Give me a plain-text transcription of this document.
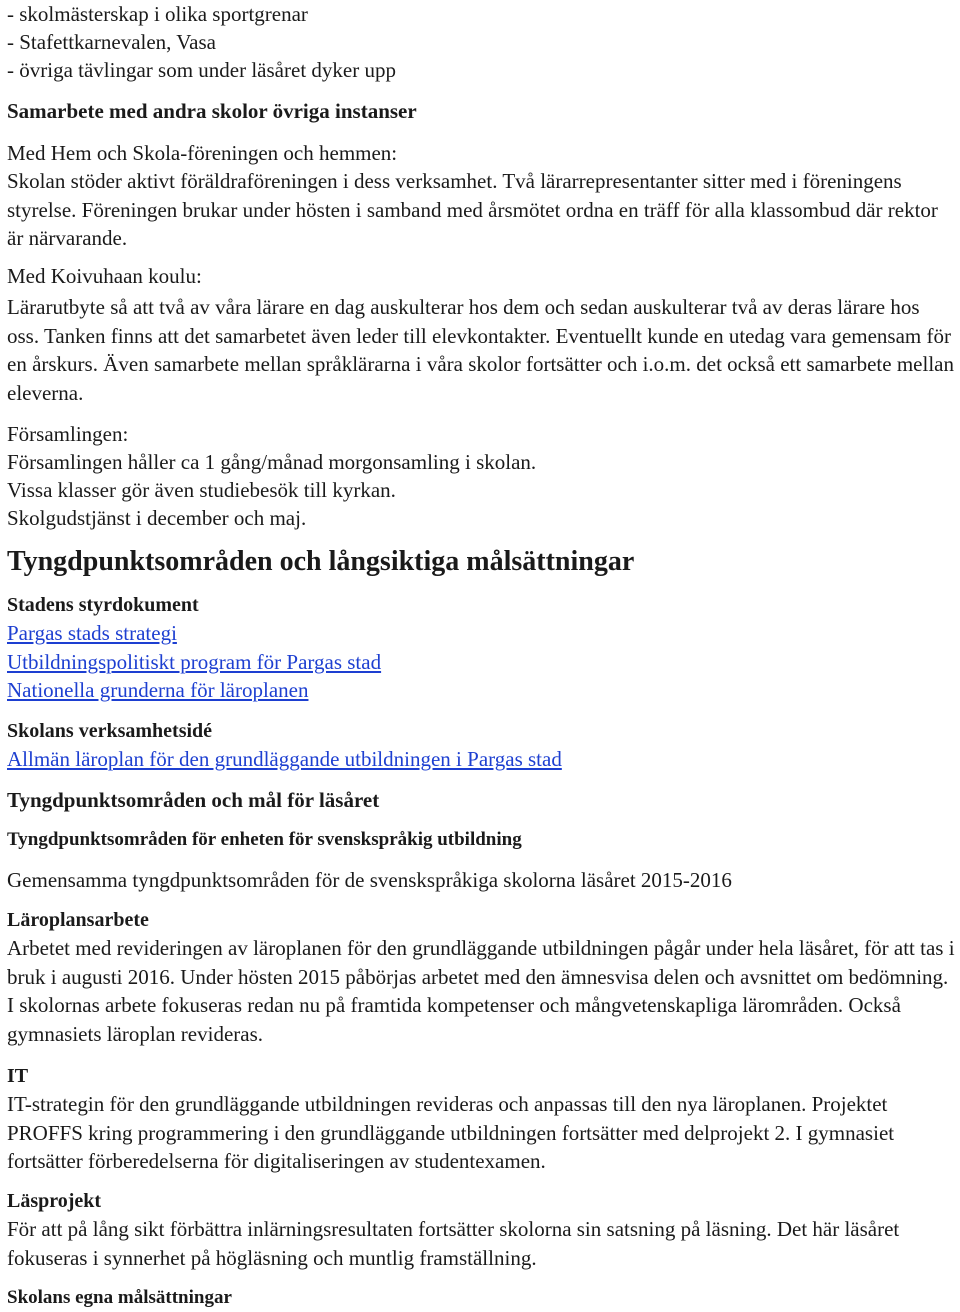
- skolmästerskap i olika sportgrenar
- Stafettkarnevalen, Vasa
- övriga tävlingar som under läsåret dyker upp
Samarbete med andra skolor övriga instanser
Med Hem och Skola-föreningen och hemmen:

Skolan stöder aktivt föräldraföreningen i dess verksamhet. Två lärarrepresentanter sitter med i föreningens styrelse. Föreningen brukar under hösten i samband med årsmötet ordna en träff för alla klassombud där rektor är närvarande.

Med Koivuhaan koulu:

Lärarutbyte så att två av våra lärare en dag auskulterar hos dem och sedan auskulterar två av deras lärare hos oss. Tanken finns att det samarbetet även leder till elevkontakter. Eventuellt kunde en utedag vara gemensam för en årskurs. Även samarbete mellan språklärarna i våra skolor fortsätter och i.o.m. det också ett samarbete mellan eleverna.

Församlingen:
Församlingen håller ca 1 gång/månad morgonsamling i skolan.
Vissa klasser gör även studiebesök till kyrkan.
Skolgudstjänst i december och maj.
Tyngdpunktsområden och långsiktiga målsättningar
Stadens styrdokument
Pargas stads strategi
Utbildningspolitiskt program för Pargas stad
Nationella grunderna för läroplanen
Skolans verksamhetsidé
Allmän läroplan för den grundläggande utbildningen i Pargas stad
Tyngdpunktsområden och mål för läsåret
Tyngdpunktsområden för enheten för svenskspråkig utbildning
Gemensamma tyngdpunktsområden för de svenskspråkiga skolorna läsåret 2015-2016
Läroplansarbete

Arbetet med revideringen av läroplanen för den grundläggande utbildningen pågår under hela läsåret, för att tas i bruk i augusti 2016. Under hösten 2015 påbörjas arbetet med den ämnesvisa delen och avsnittet om bedömning. I skolornas arbete fokuseras redan nu på framtida kompetenser och mångvetenskapliga lärområden. Också gymnasiets läroplan revideras.

IT

IT-strategin för den grundläggande utbildningen revideras och anpassas till den nya läroplanen. Projektet PROFFS kring programmering i den grundläggande utbildningen fortsätter med delprojekt 2. I gymnasiet fortsätter förberedelserna för digitaliseringen av studentexamen.

Läsprojekt

För att på lång sikt förbättra inlärningsresultaten fortsätter skolorna sin satsning på läsning. Det här läsåret fokuseras i synnerhet på högläsning och muntlig framställning.

Skolans egna målsättningar
